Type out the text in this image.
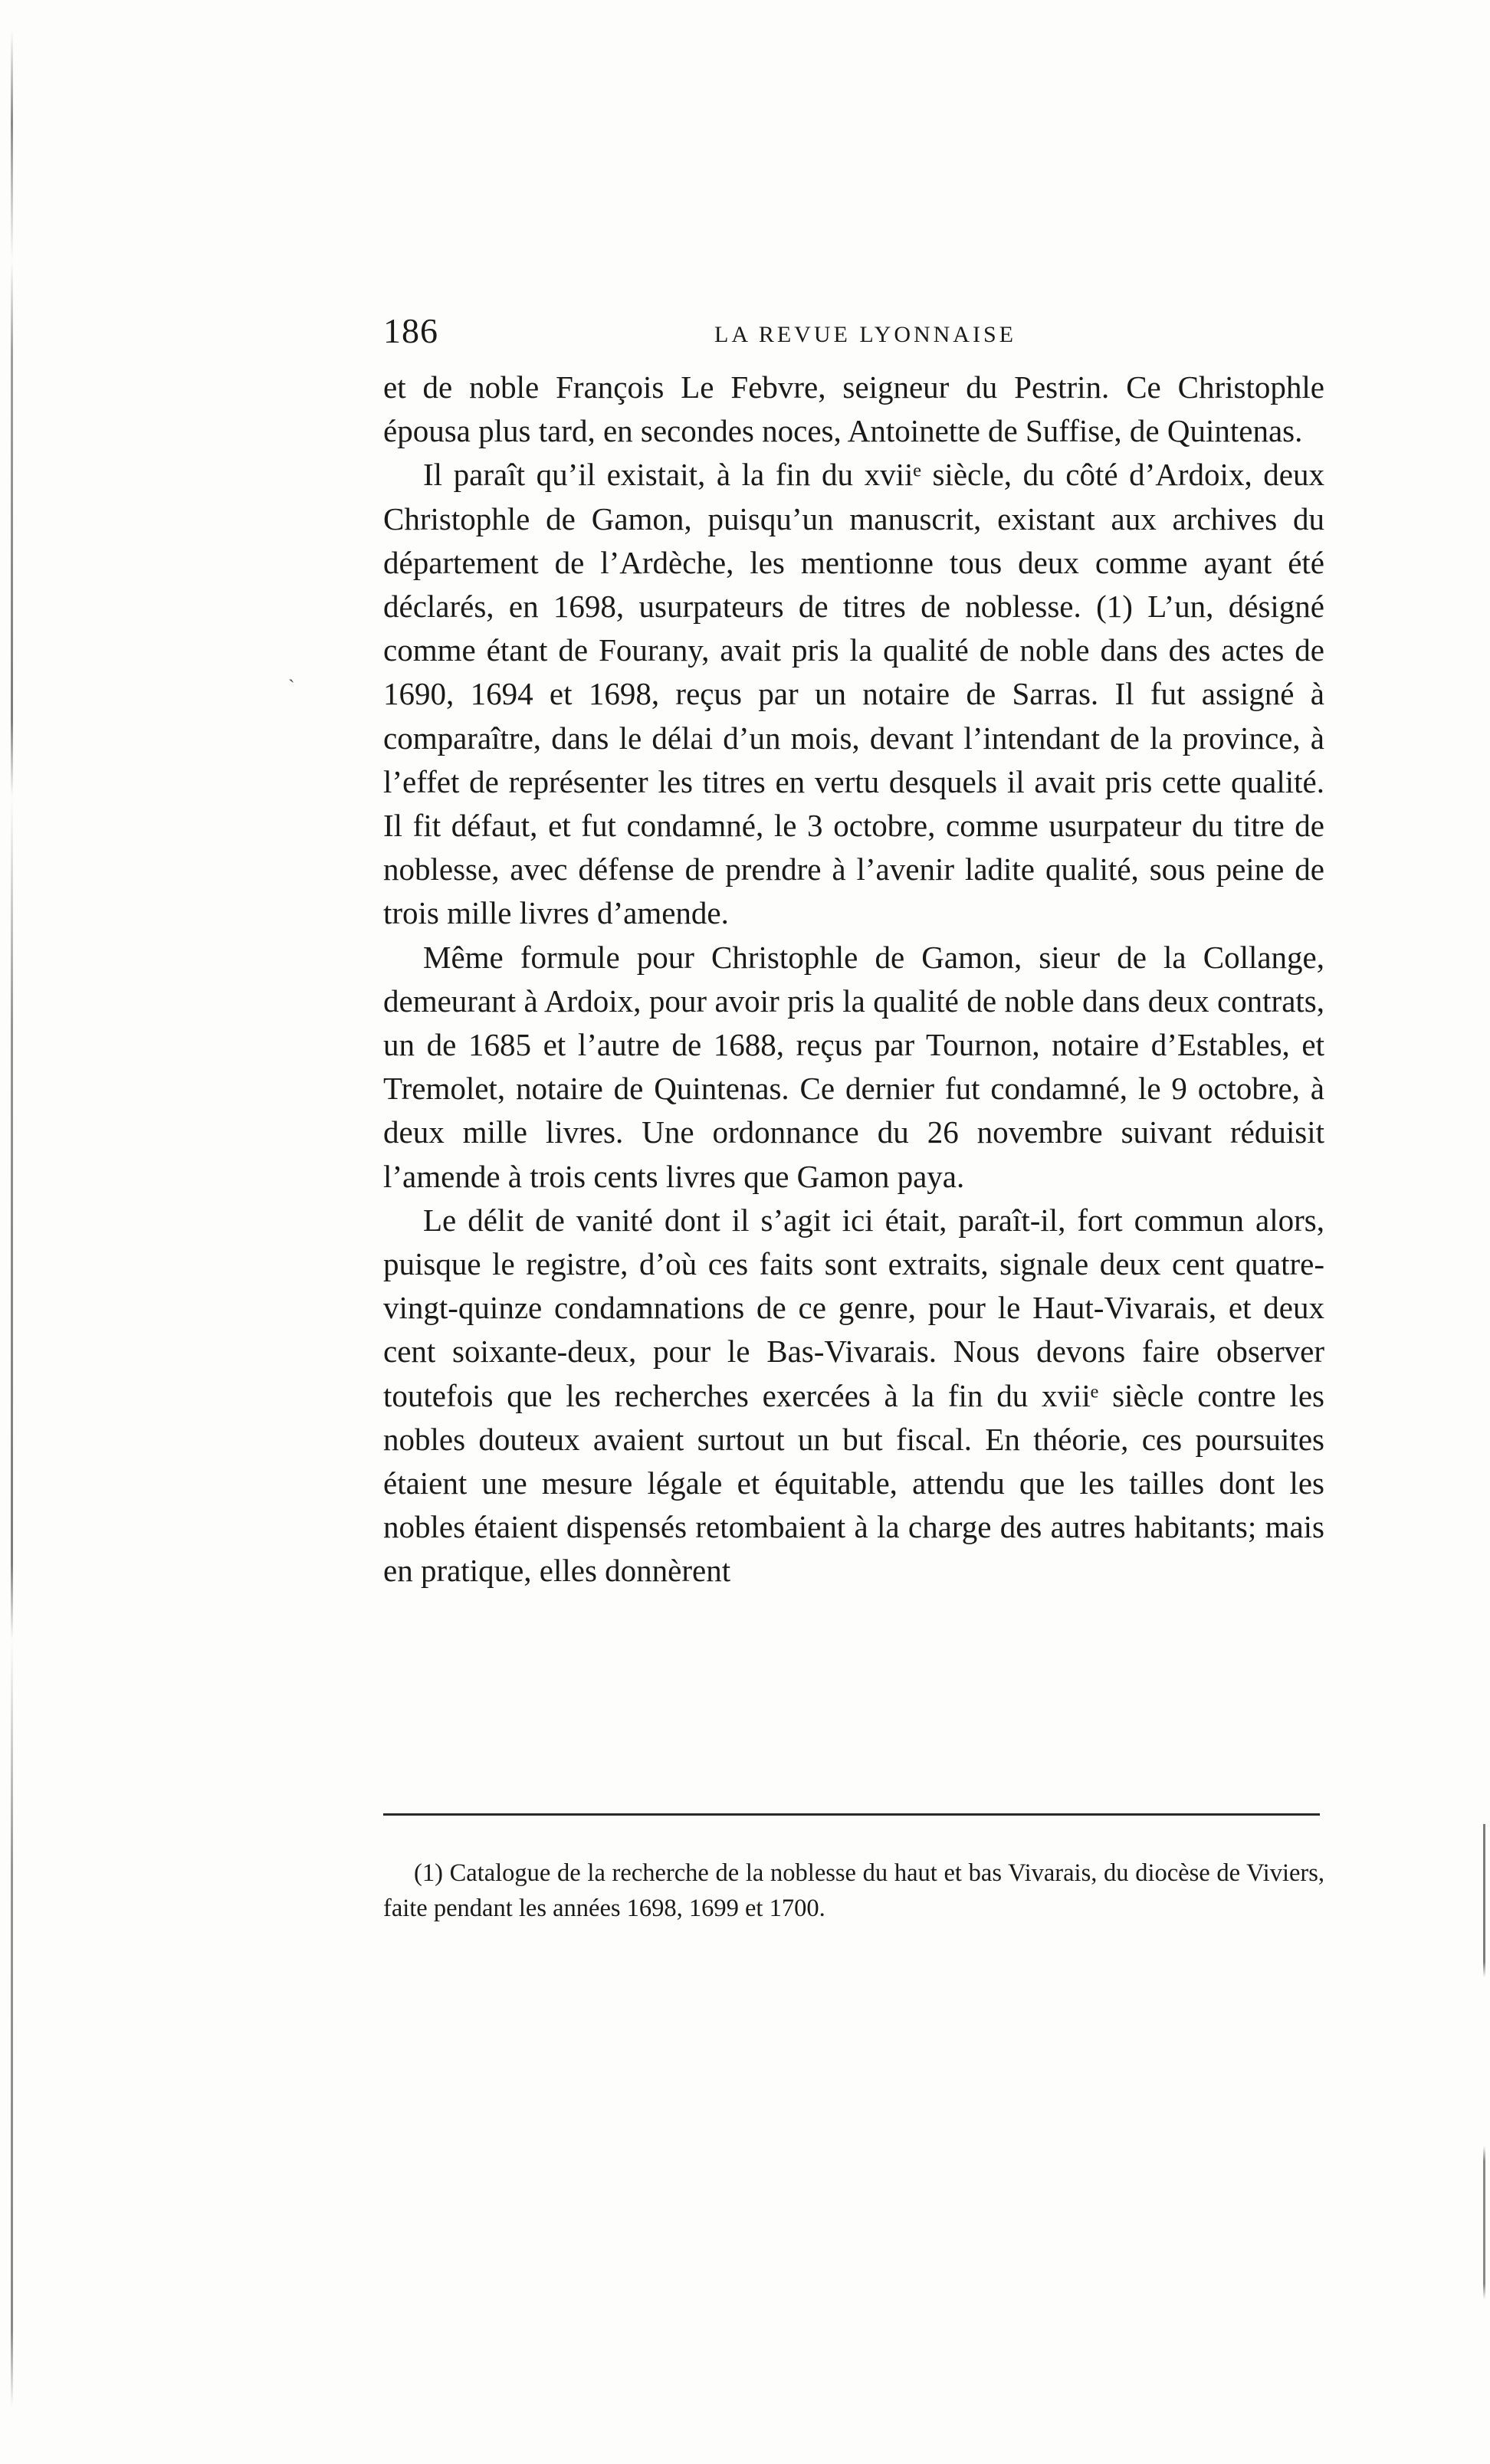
ˏ
186	LA REVUE LYONNAISE

et de noble François Le Febvre, seigneur du Pestrin. Ce Christophle épousa plus tard, en secondes noces, Antoinette de Suffise, de Quintenas.

Il paraît qu’il existait, à la fin du xviiᵉ siècle, du côté d’Ardoix, deux Christophle de Gamon, puisqu’un manuscrit, existant aux archives du département de l’Ardèche, les mentionne tous deux comme ayant été déclarés, en 1698, usurpateurs de titres de noblesse. (1) L’un, désigné comme étant de Fourany, avait pris la qualité de noble dans des actes de 1690, 1694 et 1698, reçus par un notaire de Sarras. Il fut assigné à comparaître, dans le délai d’un mois, devant l’intendant de la province, à l’effet de représenter les titres en vertu desquels il avait pris cette qualité. Il fit défaut, et fut condamné, le 3 octobre, comme usurpateur du titre de noblesse, avec défense de prendre à l’avenir ladite qualité, sous peine de trois mille livres d’amende.

Même formule pour Christophle de Gamon, sieur de la Collange, demeurant à Ardoix, pour avoir pris la qualité de noble dans deux contrats, un de 1685 et l’autre de 1688, reçus par Tournon, notaire d’Estables, et Tremolet, notaire de Quintenas. Ce dernier fut condamné, le 9 octobre, à deux mille livres. Une ordonnance du 26 novembre suivant réduisit l’amende à trois cents livres que Gamon paya.

Le délit de vanité dont il s’agit ici était, paraît-il, fort commun alors, puisque le registre, d’où ces faits sont extraits, signale deux cent quatre-vingt-quinze condamnations de ce genre, pour le Haut-Vivarais, et deux cent soixante-deux, pour le Bas-Vivarais. Nous devons faire observer toutefois que les recherches exercées à la fin du xviiᵉ siècle contre les nobles douteux avaient surtout un but fiscal. En théorie, ces poursuites étaient une mesure légale et équitable, attendu que les tailles dont les nobles étaient dispensés retombaient à la charge des autres habitants; mais en pratique, elles donnèrent

(1) Catalogue de la recherche de la noblesse du haut et bas Vivarais, du diocèse de Viviers, faite pendant les années 1698, 1699 et 1700.
